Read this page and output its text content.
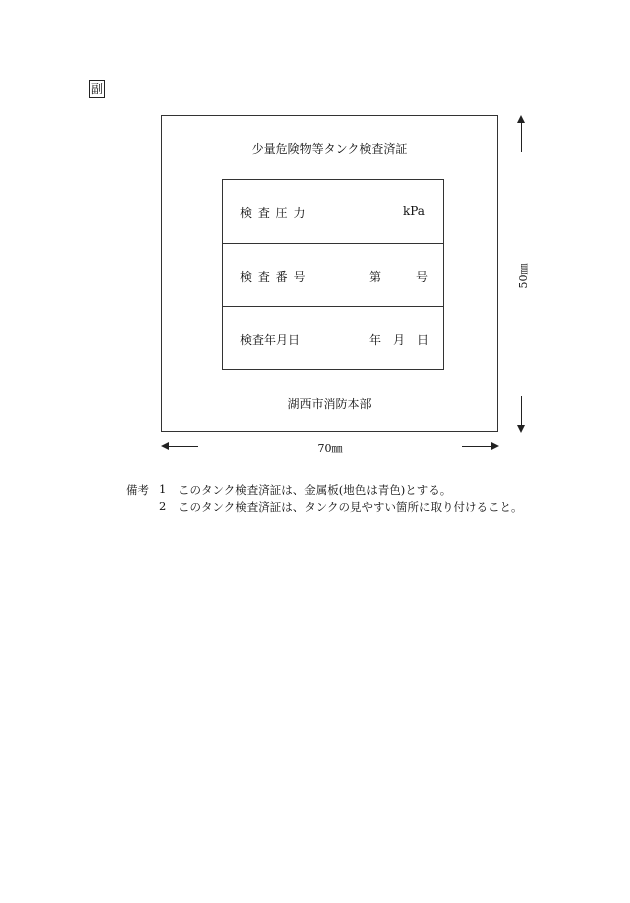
副
少量危険物等タンク検査済証
検 査 圧 力	kPa
検 査 番 号	第	号
検査年月日	年 月 日
湖西市消防本部
70㎜
50㎜
備考 1 このタンク検査済証は、金属板(地色は青色)とする。
2 このタンク検査済証は、タンクの見やすい箇所に取り付けること。
